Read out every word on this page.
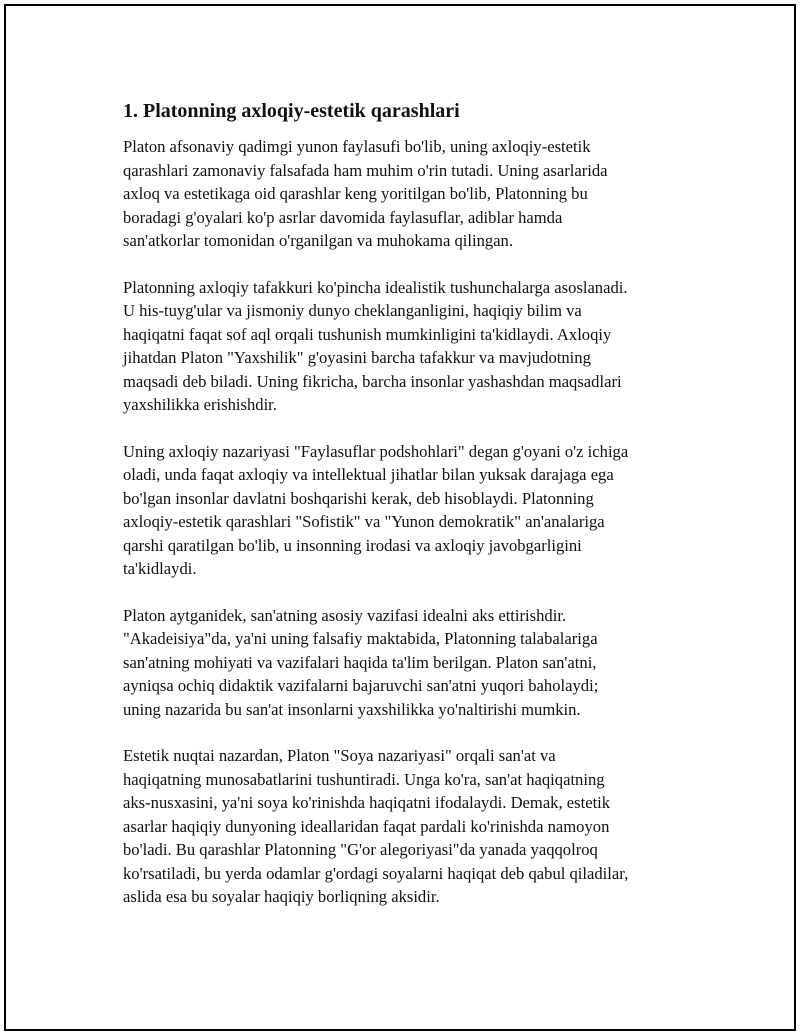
1. Platonning axloqiy-estetik qarashlari

Platon afsonaviy qadimgi yunon faylasufi bo'lib, uning axloqiy-estetik
qarashlari zamonaviy falsafada ham muhim o'rin tutadi. Uning asarlarida
axloq va estetikaga oid qarashlar keng yoritilgan bo'lib, Platonning bu
boradagi g'oyalari ko'p asrlar davomida faylasuflar, adiblar hamda
san'atkorlar tomonidan o'rganilgan va muhokama qilingan.

Platonning axloqiy tafakkuri ko'pincha idealistik tushunchalarga asoslanadi.
U his-tuyg'ular va jismoniy dunyo cheklanganligini, haqiqiy bilim va
haqiqatni faqat sof aql orqali tushunish mumkinligini ta'kidlaydi. Axloqiy
jihatdan Platon "Yaxshilik" g'oyasini barcha tafakkur va mavjudotning
maqsadi deb biladi. Uning fikricha, barcha insonlar yashashdan maqsadlari
yaxshilikka erishishdir.

Uning axloqiy nazariyasi "Faylasuflar podshohlari" degan g'oyani o'z ichiga
oladi, unda faqat axloqiy va intellektual jihatlar bilan yuksak darajaga ega
bo'lgan insonlar davlatni boshqarishi kerak, deb hisoblaydi. Platonning
axloqiy-estetik qarashlari "Sofistik" va "Yunon demokratik" an'analariga
qarshi qaratilgan bo'lib, u insonning irodasi va axloqiy javobgarligini
ta'kidlaydi.

Platon aytganidek, san'atning asosiy vazifasi idealni aks ettirishdir.
"Akadeisiya"da, ya'ni uning falsafiy maktabida, Platonning talabalariga
san'atning mohiyati va vazifalari haqida ta'lim berilgan. Platon san'atni,
ayniqsa ochiq didaktik vazifalarni bajaruvchi san'atni yuqori baholaydi;
uning nazarida bu san'at insonlarni yaxshilikka yo'naltirishi mumkin.

Estetik nuqtai nazardan, Platon "Soya nazariyasi" orqali san'at va
haqiqatning munosabatlarini tushuntiradi. Unga ko'ra, san'at haqiqatning
aks-nusxasini, ya'ni soya ko'rinishda haqiqatni ifodalaydi. Demak, estetik
asarlar haqiqiy dunyoning ideallaridan faqat pardali ko'rinishda namoyon
bo'ladi. Bu qarashlar Platonning "G'or alegoriyasi"da yanada yaqqolroq
ko'rsatiladi, bu yerda odamlar g'ordagi soyalarni haqiqat deb qabul qiladilar,
aslida esa bu soyalar haqiqiy borliqning aksidir.
